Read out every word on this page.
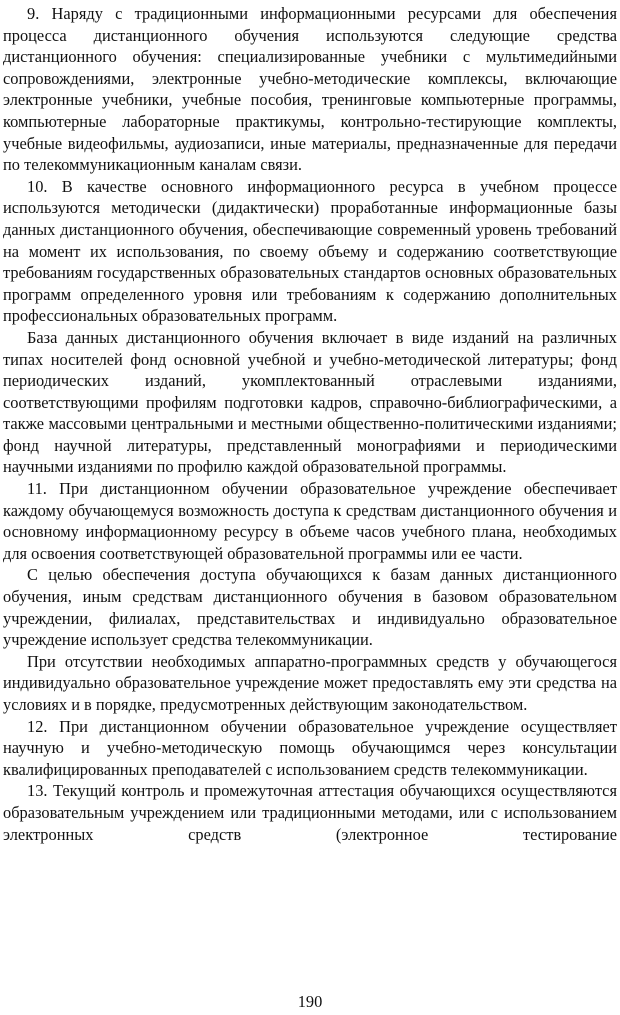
9. Наряду с традиционными информационными ресурсами для обеспечения процесса дистанционного обучения используются следующие средства дистанционного обучения: специализированные учебники с мультимедийными сопровождениями, электронные учебно-методические комплексы, включающие электронные учебники, учебные пособия, тренинговые компьютерные программы, компьютерные лабораторные практикумы, контрольно-тестирующие комплекты, учебные видеофильмы, аудиозаписи, иные материалы, предназначенные для передачи по телекоммуникационным каналам связи.

10. В качестве основного информационного ресурса в учебном процессе используются методически (дидактически) проработанные информационные базы данных дистанционного обучения, обеспечивающие современный уровень требований на момент их использования, по своему объему и содержанию соответствующие требованиям государственных образовательных стандартов основных образовательных программ определенного уровня или требованиям к содержанию дополнительных профессиональных образовательных программ.

База данных дистанционного обучения включает в виде изданий на различных типах носителей фонд основной учебной и учебно-методической литературы; фонд периодических изданий, укомплектованный отраслевыми изданиями, соответствующими профилям подготовки кадров, справочно-библиографическими, а также массовыми центральными и местными общественно-политическими изданиями; фонд научной литературы, представленный монографиями и периодическими научными изданиями по профилю каждой образовательной программы.

11. При дистанционном обучении образовательное учреждение обеспечивает каждому обучающемуся возможность доступа к средствам дистанционного обучения и основному информационному ресурсу в объеме часов учебного плана, необходимых для освоения соответствующей образовательной программы или ее части.

С целью обеспечения доступа обучающихся к базам данных дистанционного обучения, иным средствам дистанционного обучения в базовом образовательном учреждении, филиалах, представительствах и индивидуально образовательное учреждение использует средства телекоммуникации.

При отсутствии необходимых аппаратно-программных средств у обучающегося индивидуально образовательное учреждение может предоставлять ему эти средства на условиях и в порядке, предусмотренных действующим законодательством.

12. При дистанционном обучении образовательное учреждение осуществляет научную и учебно-методическую помощь обучающимся через консультации квалифицированных преподавателей с использованием средств телекоммуникации.

13. Текущий контроль и промежуточная аттестация обучающихся осуществляются образовательным учреждением или традиционными методами, или с использованием электронных средств (электронное тестирование

190
